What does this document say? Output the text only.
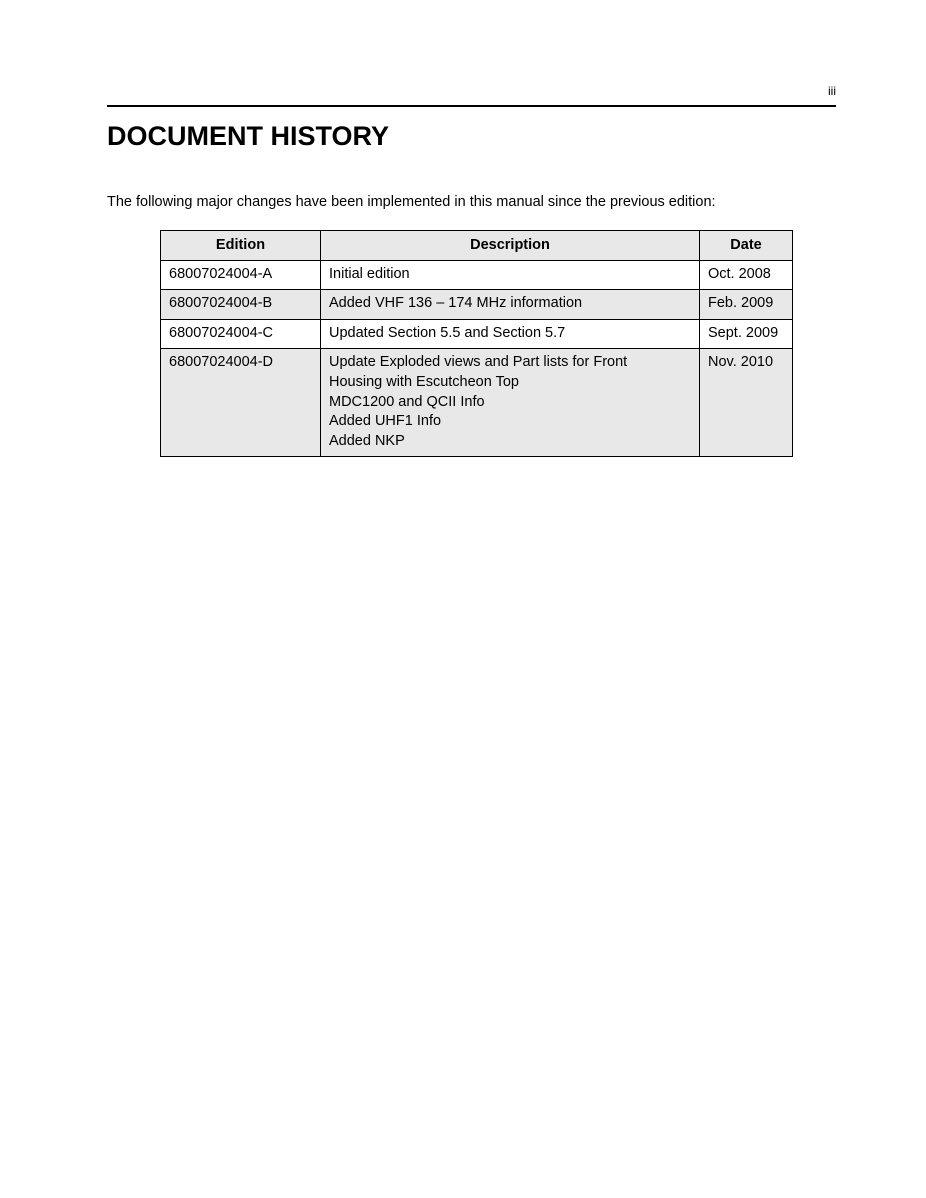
iii
DOCUMENT HISTORY

The following major changes have been implemented in this manual since the previous edition:

Edition	Description	Date
68007024004-A	Initial edition	Oct. 2008
68007024004-B	Added VHF 136 – 174 MHz information	Feb. 2009
68007024004-C	Updated Section 5.5 and Section 5.7	Sept. 2009
68007024004-D	Update Exploded views and Part lists for Front
Housing with Escutcheon Top
MDC1200 and QCII Info
Added UHF1 Info
Added NKP	Nov. 2010
